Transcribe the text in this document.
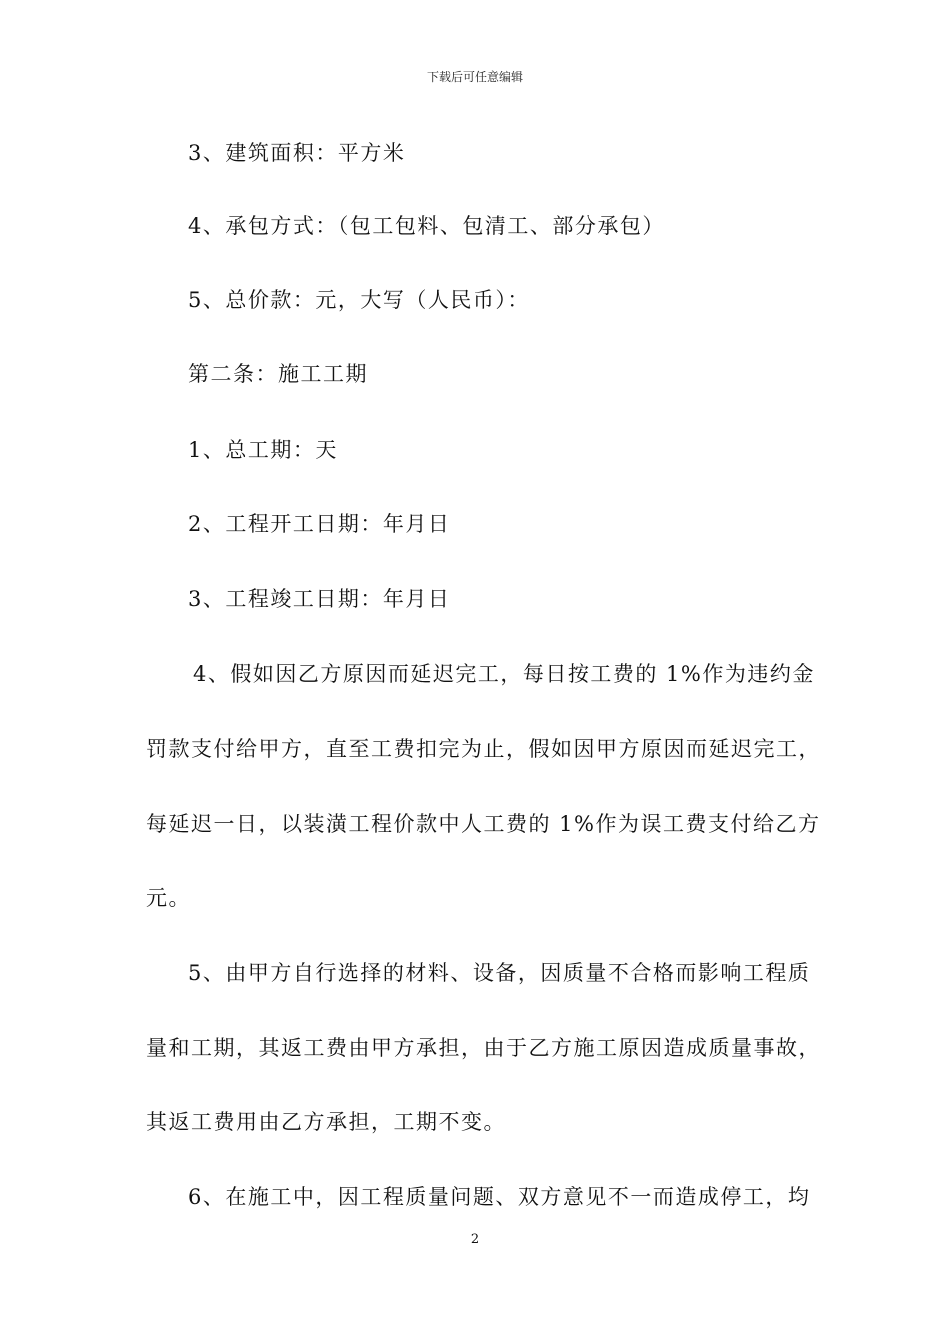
下载后可任意编辑
3、建筑面积：平方米
4、承包方式：（包工包料、包清工、部分承包）
5、总价款：元，大写（人民币）：
第二条：施工工期
1、总工期：天
2、工程开工日期：年月日
3、工程竣工日期：年月日
4、假如因乙方原因而延迟完工，每日按工费的 1%作为违约金
罚款支付给甲方，直至工费扣完为止，假如因甲方原因而延迟完工，
每延迟一日，以装潢工程价款中人工费的 1%作为误工费支付给乙方
元。
5、由甲方自行选择的材料、设备，因质量不合格而影响工程质
量和工期，其返工费由甲方承担，由于乙方施工原因造成质量事故，
其返工费用由乙方承担，工期不变。
6、在施工中，因工程质量问题、双方意见不一而造成停工，均
2
